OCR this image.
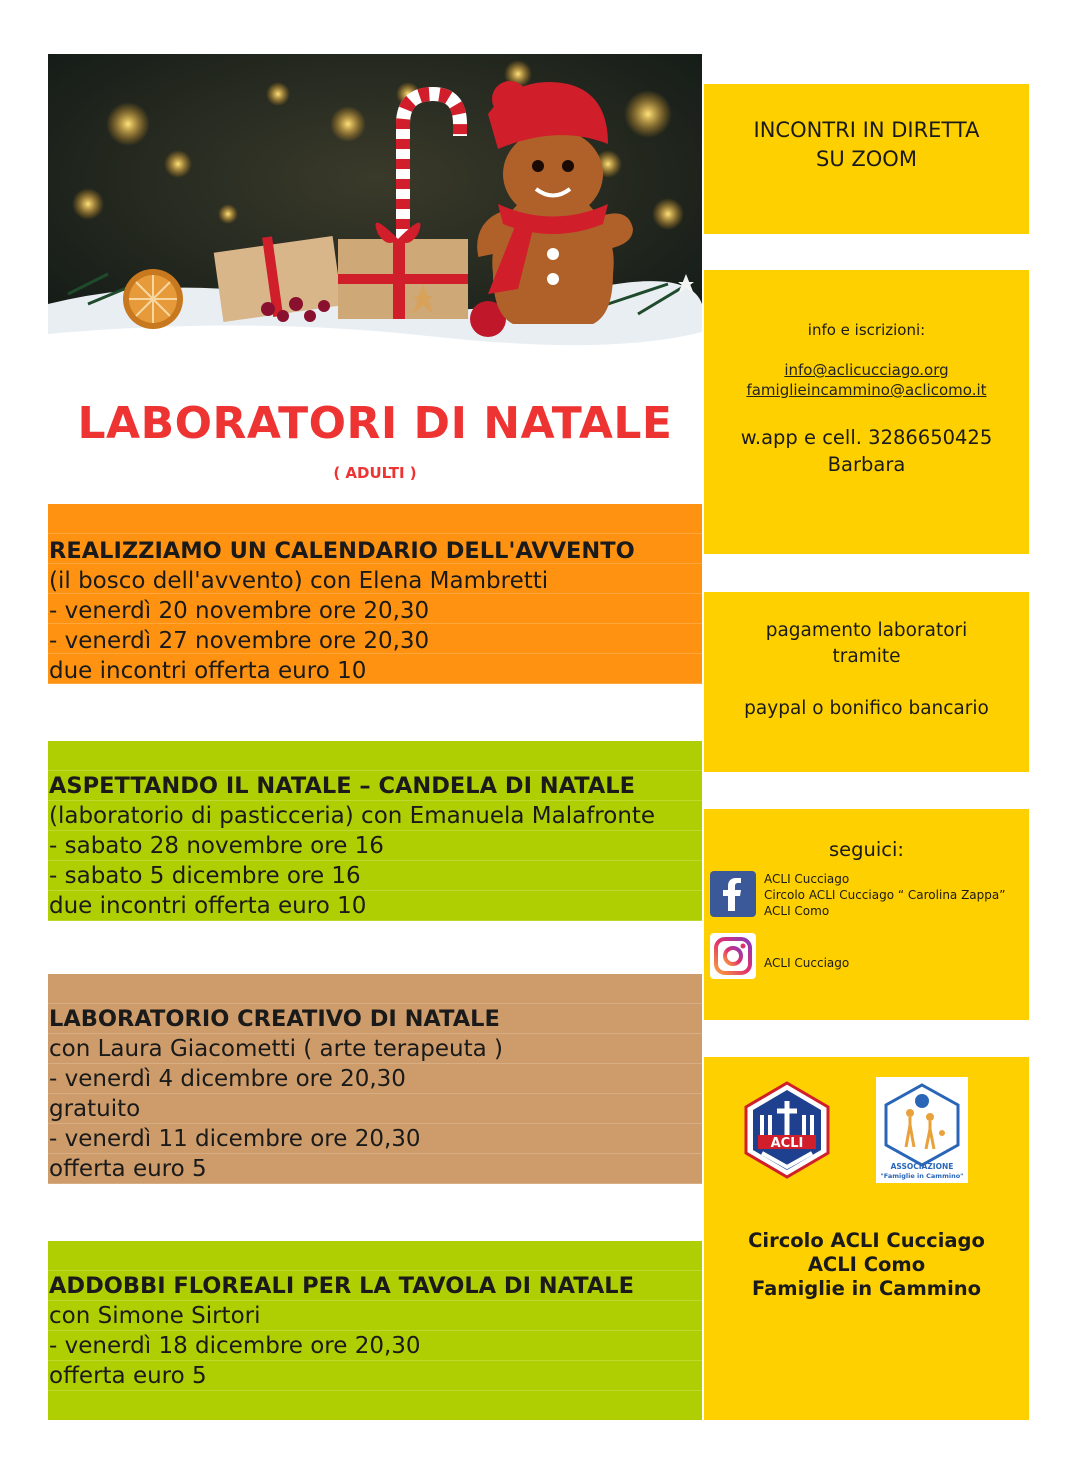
LABORATORI DI NATALE
( ADULTI )
REALIZZIAMO UN CALENDARIO DELL'AVVENTO
(il bosco dell'avvento) con Elena Mambretti
- venerdì 20 novembre ore 20,30
- venerdì 27 novembre ore 20,30
due incontri offerta euro 10
ASPETTANDO IL NATALE – CANDELA DI NATALE
(laboratorio di pasticceria) con Emanuela Malafronte
- sabato 28 novembre ore 16
- sabato 5 dicembre ore 16
due incontri offerta euro 10
LABORATORIO CREATIVO DI NATALE
con Laura Giacometti ( arte terapeuta )
- venerdì 4 dicembre ore 20,30
gratuito
- venerdì 11 dicembre ore 20,30
offerta euro 5
ADDOBBI FLOREALI PER LA TAVOLA DI NATALE
con Simone Sirtori
- venerdì 18 dicembre ore 20,30
offerta euro 5
INCONTRI IN DIRETTA
SU ZOOM
info e iscrizioni:
info@aclicucciago.org
famiglieincammino@aclicomo.it
w.app e cell. 3286650425
Barbara
pagamento laboratori
tramite
paypal o bonifico bancario
seguici:
ACLI Cucciago
Circolo ACLI Cucciago “ Carolina Zappa”
ACLI Como
ACLI Cucciago
ACLI
ASSOCIAZIONE
"Famiglie in Cammino"
Circolo ACLI Cucciago
ACLI Como
Famiglie in Cammino
